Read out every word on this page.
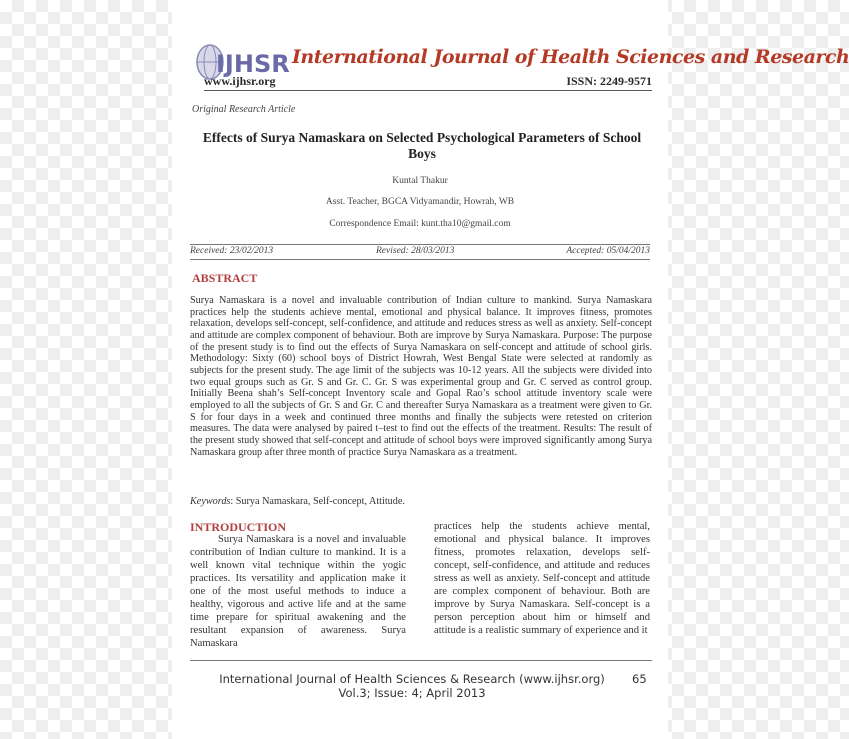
IJHSR International Journal of Health Sciences and Research
www.ijhsr.org	ISSN: 2249-9571
Original Research Article
Effects of Surya Namaskara on Selected Psychological Parameters of School Boys
Kuntal Thakur
Asst. Teacher, BGCA Vidyamandir, Howrah, WB
Correspondence Email: kunt.tha10@gmail.com
Received: 23/02/2013	Revised: 28/03/2013	Accepted: 05/04/2013
ABSTRACT
Surya Namaskara is a novel and invaluable contribution of Indian culture to mankind. Surya Namaskara practices help the students achieve mental, emotional and physical balance. It improves fitness, promotes relaxation, develops self-concept, self-confidence, and attitude and reduces stress as well as anxiety. Self-concept and attitude are complex component of behaviour. Both are improve by Surya Namaskara. Purpose: The purpose of the present study is to find out the effects of Surya Namaskara on self-concept and attitude of school girls. Methodology: Sixty (60) school boys of District Howrah, West Bengal State were selected at randomly as subjects for the present study. The age limit of the subjects was 10-12 years. All the subjects were divided into two equal groups such as Gr. S and Gr. C. Gr. S was experimental group and Gr. C served as control group. Initially Beena shah’s Self-concept Inventory scale and Gopal Rao’s school attitude inventory scale were employed to all the subjects of Gr. S and Gr. C and thereafter Surya Namaskara as a treatment were given to Gr. S for four days in a week and continued three months and finally the subjects were retested on criterion measures. The data were analysed by paired t–test to find out the effects of the treatment. Results: The result of the present study showed that self-concept and attitude of school boys were improved significantly among Surya Namaskara group after three month of practice Surya Namaskara as a treatment.
Keywords: Surya Namaskara, Self-concept, Attitude.
INTRODUCTION
Surya Namaskara is a novel and invaluable contribution of Indian culture to mankind. It is a well known vital technique within the yogic practices. Its versatility and application make it one of the most useful methods to induce a healthy, vigorous and active life and at the same time prepare for spiritual awakening and the resultant expansion of awareness. Surya Namaskara
practices help the students achieve mental, emotional and physical balance. It improves fitness, promotes relaxation, develops self-concept, self-confidence, and attitude and reduces stress as well as anxiety. Self-concept and attitude are complex component of behaviour. Both are improve by Surya Namaskara. Self-concept is a person perception about him or himself and attitude is a realistic summary of experience and it
International Journal of Health Sciences & Research (www.ijhsr.org)
Vol.3; Issue: 4; April 2013
65
